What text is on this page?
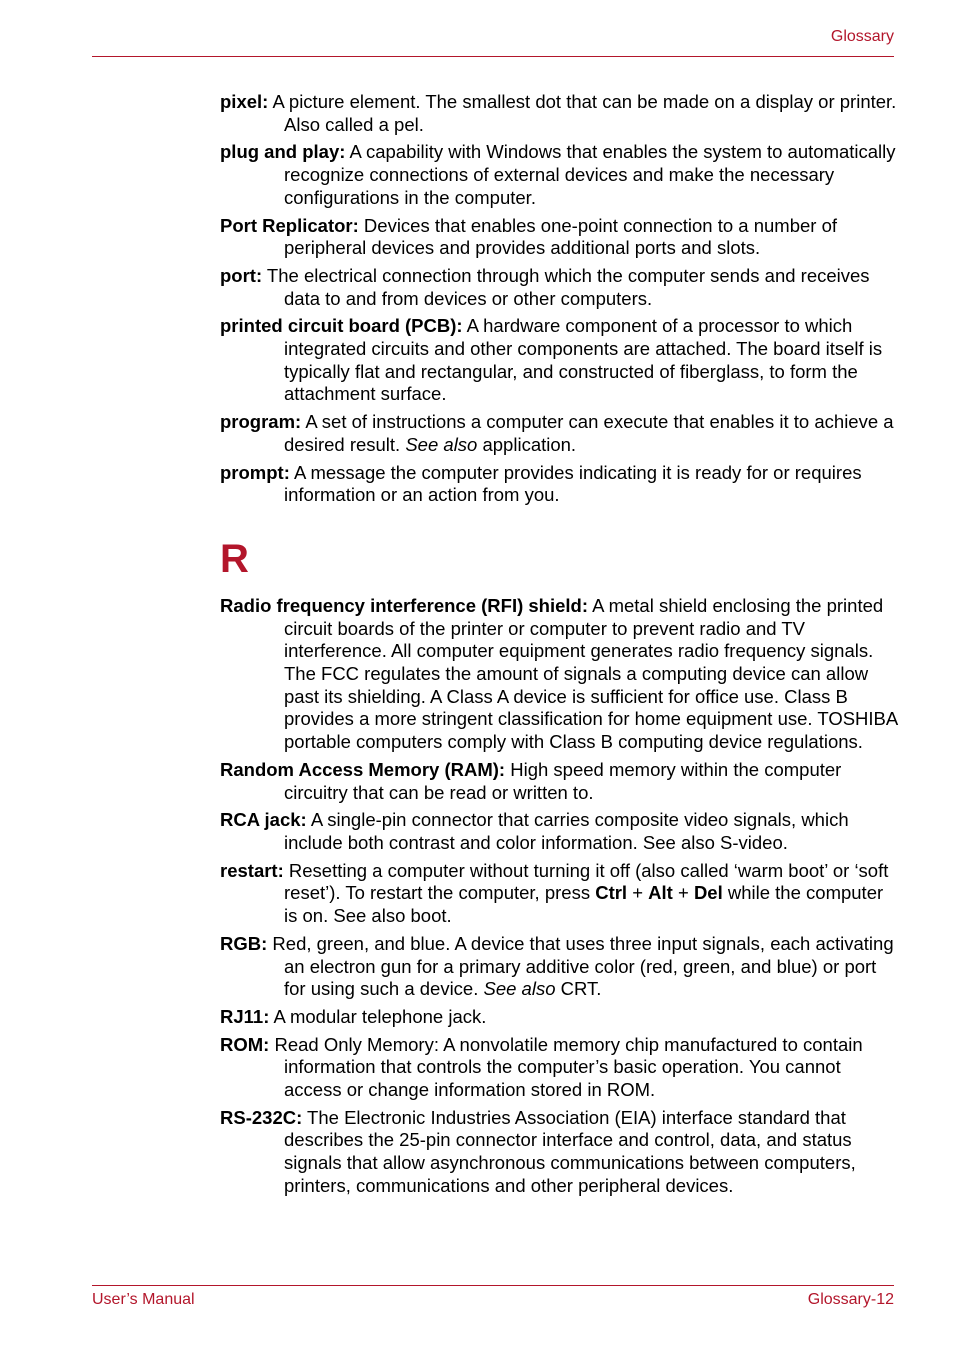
Glossary

pixel: A picture element. The smallest dot that can be made on a display or printer. Also called a pel.

plug and play: A capability with Windows that enables the system to automatically recognize connections of external devices and make the necessary configurations in the computer.

Port Replicator: Devices that enables one-point connection to a number of peripheral devices and provides additional ports and slots.

port: The electrical connection through which the computer sends and receives data to and from devices or other computers.

printed circuit board (PCB): A hardware component of a processor to which integrated circuits and other components are attached. The board itself is typically flat and rectangular, and constructed of fiberglass, to form the attachment surface.

program: A set of instructions a computer can execute that enables it to achieve a desired result. See also application.

prompt: A message the computer provides indicating it is ready for or requires information or an action from you.

R

Radio frequency interference (RFI) shield: A metal shield enclosing the printed circuit boards of the printer or computer to prevent radio and TV interference. All computer equipment generates radio frequency signals. The FCC regulates the amount of signals a computing device can allow past its shielding. A Class A device is sufficient for office use. Class B provides a more stringent classification for home equipment use. TOSHIBA portable computers comply with Class B computing device regulations.

Random Access Memory (RAM): High speed memory within the computer circuitry that can be read or written to.

RCA jack: A single-pin connector that carries composite video signals, which include both contrast and color information. See also S-video.

restart: Resetting a computer without turning it off (also called ‘warm boot’ or ‘soft reset’). To restart the computer, press Ctrl + Alt + Del while the computer is on. See also boot.

RGB: Red, green, and blue. A device that uses three input signals, each activating an electron gun for a primary additive color (red, green, and blue) or port for using such a device. See also CRT.

RJ11: A modular telephone jack.

ROM: Read Only Memory: A nonvolatile memory chip manufactured to contain information that controls the computer’s basic operation. You cannot access or change information stored in ROM.

RS-232C: The Electronic Industries Association (EIA) interface standard that describes the 25-pin connector interface and control, data, and status signals that allow asynchronous communications between computers, printers, communications and other peripheral devices.

User’s Manual	Glossary-12
